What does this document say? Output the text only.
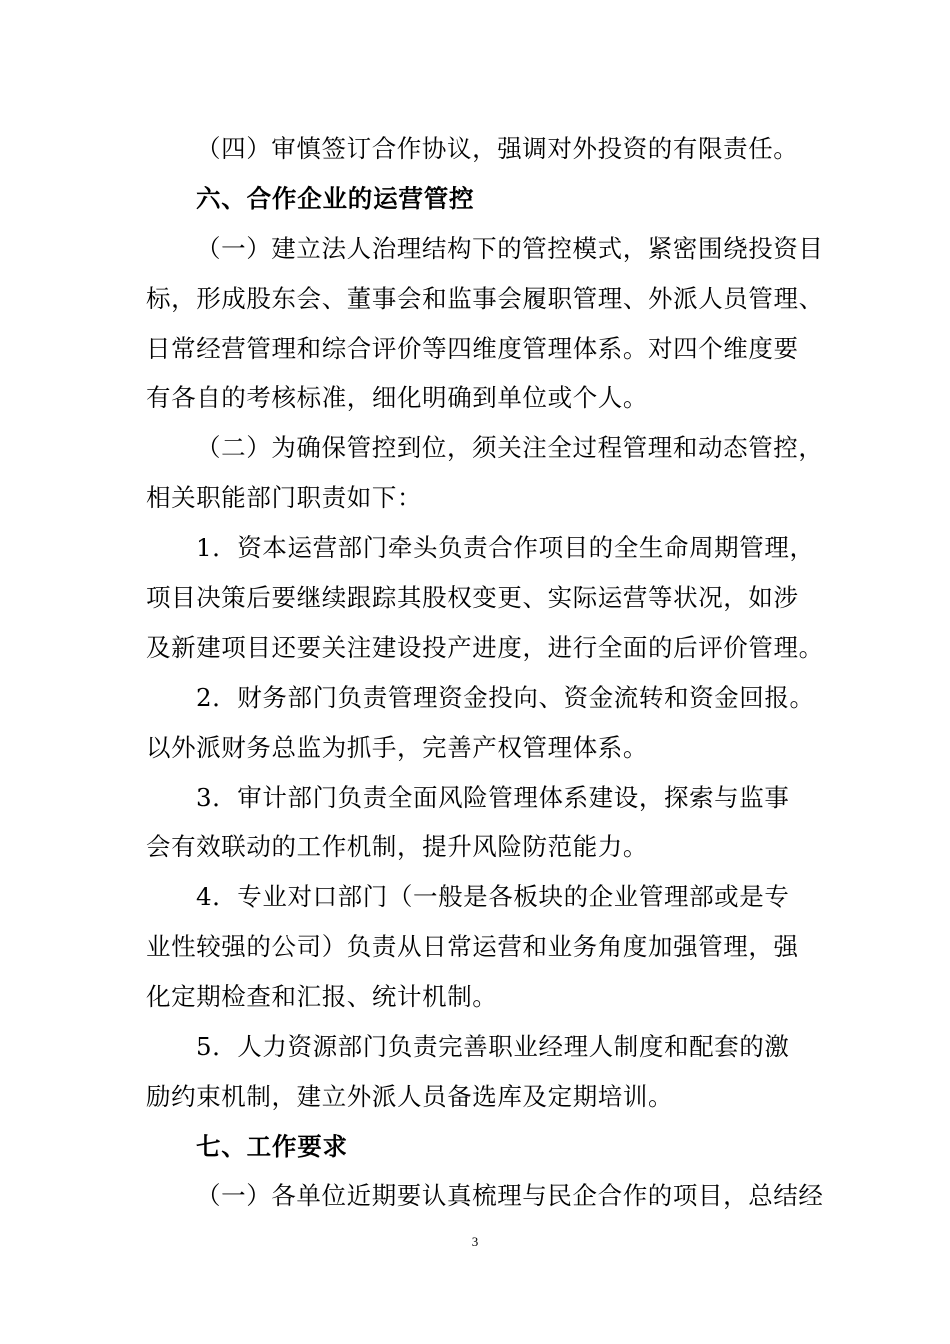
（四）审慎签订合作协议，强调对外投资的有限责任。
六、合作企业的运营管控
（一）建立法人治理结构下的管控模式，紧密围绕投资目
标，形成股东会、董事会和监事会履职管理、外派人员管理、
日常经营管理和综合评价等四维度管理体系。对四个维度要
有各自的考核标准，细化明确到单位或个人。
（二）为确保管控到位，须关注全过程管理和动态管控，
相关职能部门职责如下：
1．资本运营部门牵头负责合作项目的全生命周期管理，
项目决策后要继续跟踪其股权变更、实际运营等状况，如涉
及新建项目还要关注建设投产进度，进行全面的后评价管理。
2．财务部门负责管理资金投向、资金流转和资金回报。
以外派财务总监为抓手，完善产权管理体系。
3．审计部门负责全面风险管理体系建设，探索与监事
会有效联动的工作机制，提升风险防范能力。
4．专业对口部门（一般是各板块的企业管理部或是专
业性较强的公司）负责从日常运营和业务角度加强管理，强
化定期检查和汇报、统计机制。
5．人力资源部门负责完善职业经理人制度和配套的激
励约束机制，建立外派人员备选库及定期培训。
七、工作要求
（一）各单位近期要认真梳理与民企合作的项目，总结经
3
